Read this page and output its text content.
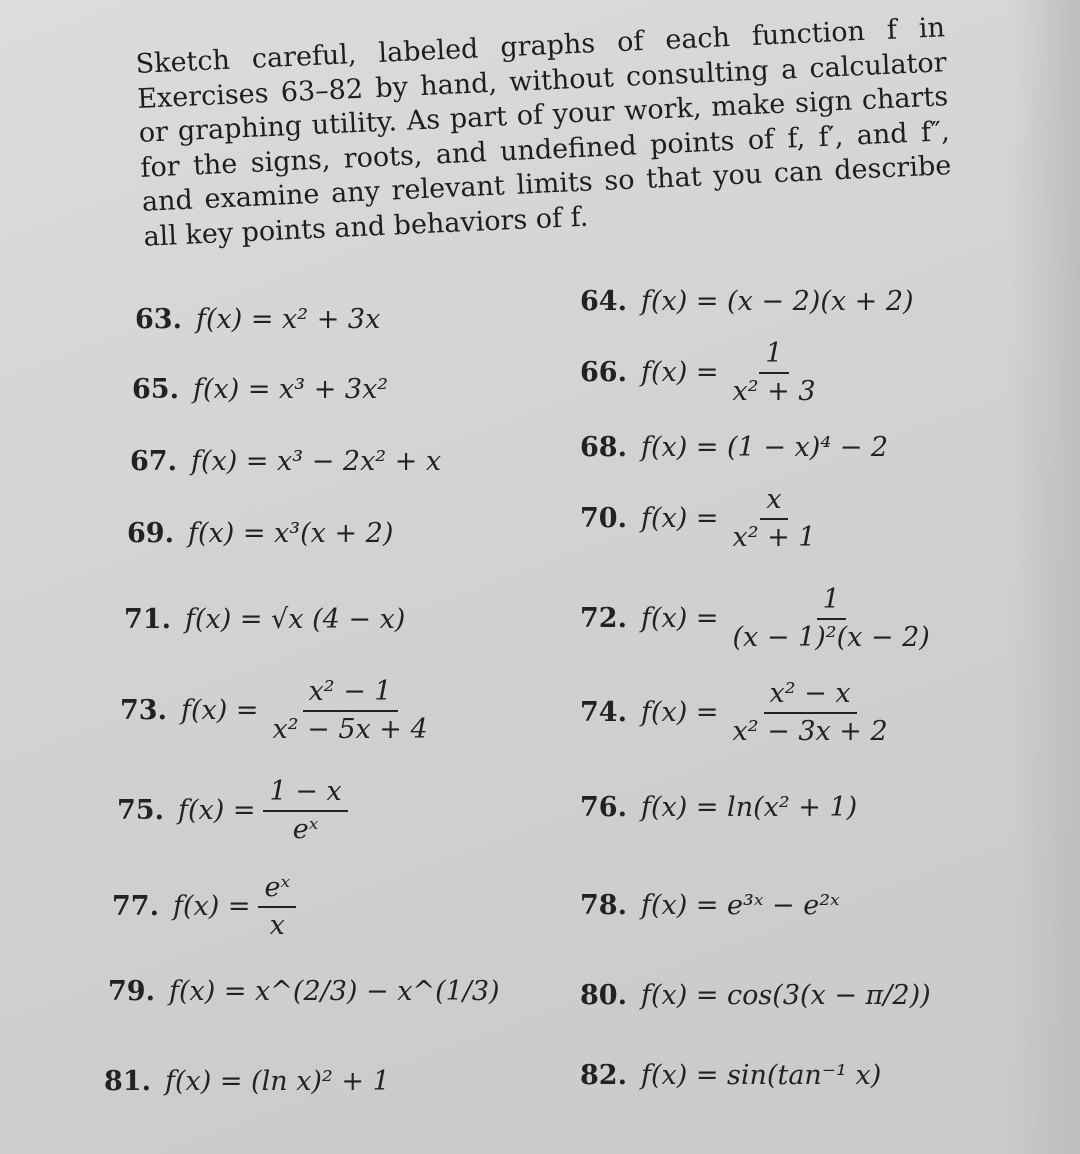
Sketch careful, labeled graphs of each function f in Exercises 63–82 by hand, without consulting a calculator or graphing utility. As part of your work, make sign charts for the signs, roots, and undefined points of f, f′, and f″, and examine any relevant limits so that you can describe all key points and behaviors of f.
63. f(x) = x² + 3x
65. f(x) = x³ + 3x²
67. f(x) = x³ − 2x² + x
69. f(x) = x³(x + 2)
71. f(x) = √x (4 − x)
73. $f(x) = \frac{\text{x² − 1}}{\text{x² − 5x + 4}}$
75. $f(x) = \frac{1 - x}{\text{eˣ}}$
77. $f(x) = \frac{\text{eˣ}}{x}$
79. f(x) = x^(2/3) − x^(1/3)
81. f(x) = (ln x)² + 1
64. f(x) = (x − 2)(x + 2)
66. $f(x) = \frac{1}{\text{x² + 3}}$
68. f(x) = (1 − x)⁴ − 2
70. $f(x) = \frac{x}{\text{x² + 1}}$
72. $f(x) = \frac{1}{\text{(x − 1)²(x − 2)}}$
74. $f(x) = \frac{\text{x² − x}}{\text{x² − 3x + 2}}$
76. f(x) = ln(x² + 1)
78. f(x) = e³ˣ − e²ˣ
80. f(x) = cos(3(x − π/2))
82. f(x) = sin(tan⁻¹ x)
